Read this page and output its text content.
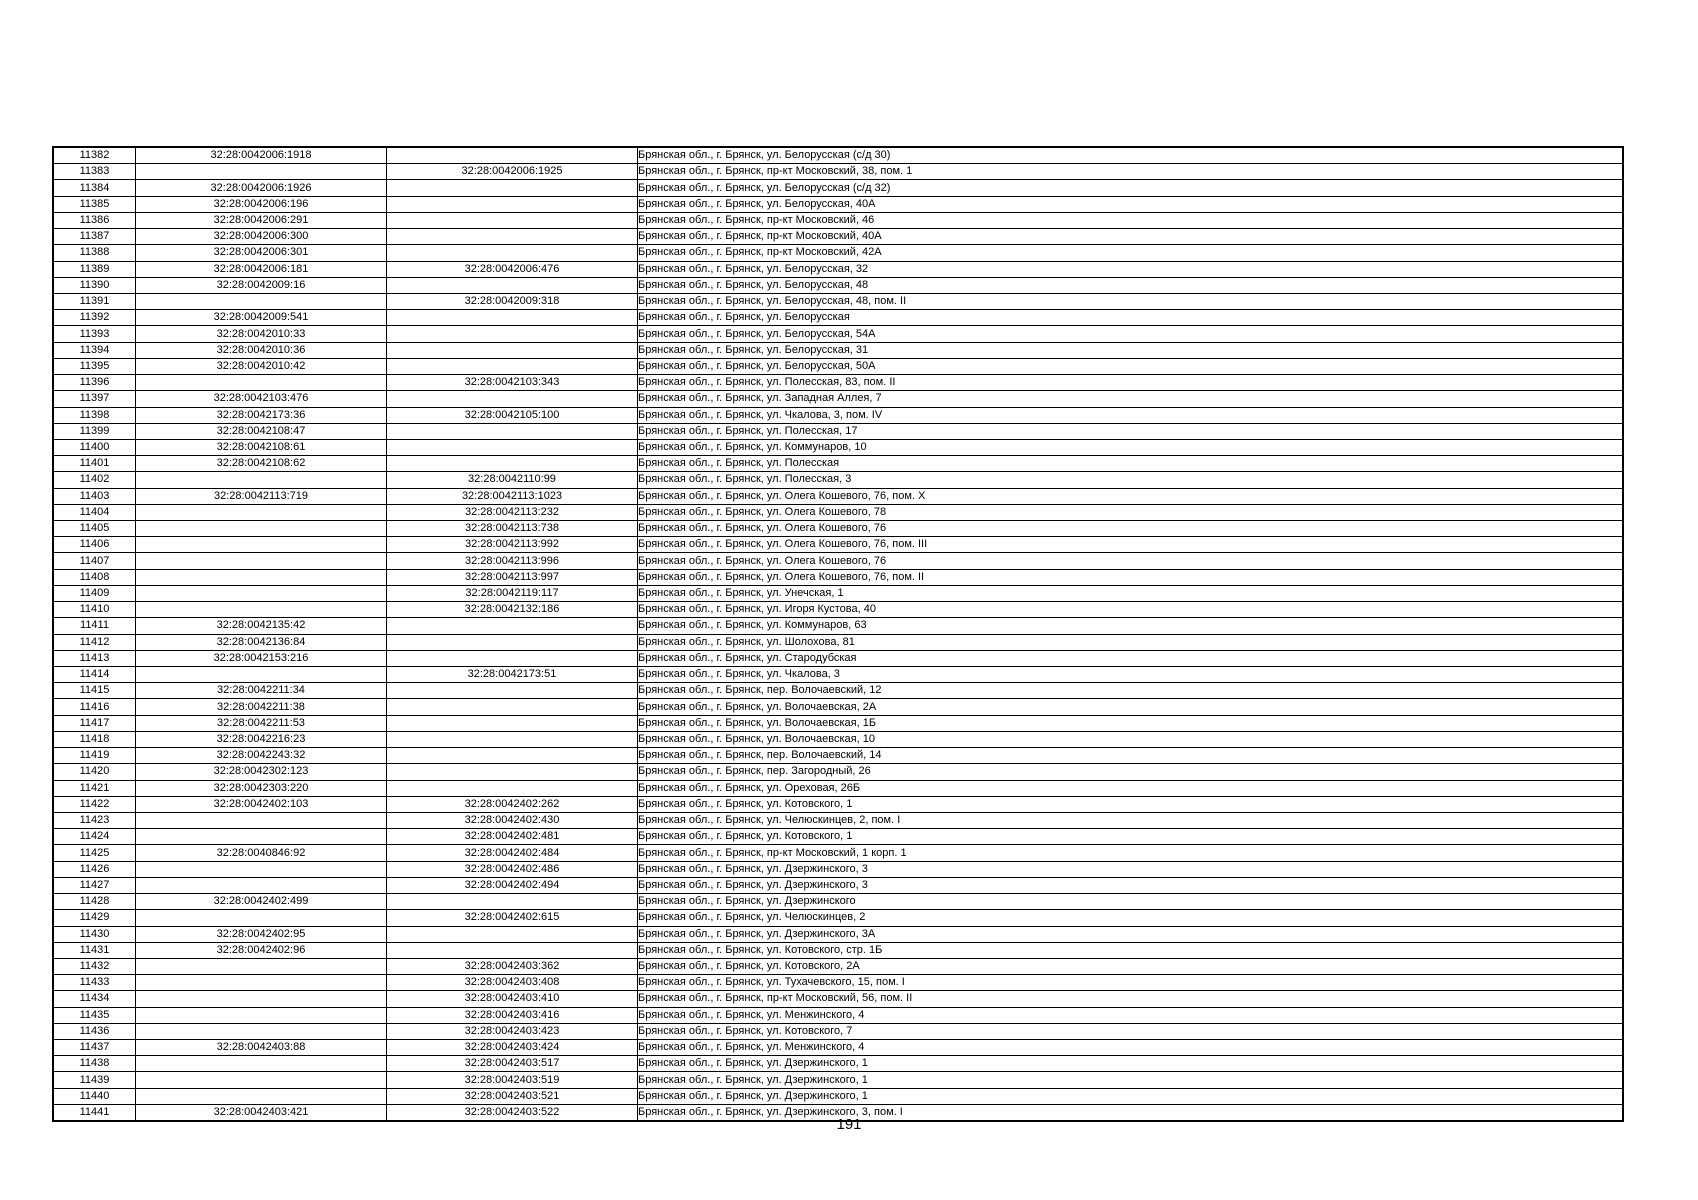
11382	32:28:0042006:1918		Брянская обл., г. Брянск, ул. Белорусская (с/д 30)
11383		32:28:0042006:1925	Брянская обл., г. Брянск, пр-кт Московский, 38, пом. 1
11384	32:28:0042006:1926		Брянская обл., г. Брянск, ул. Белорусская (с/д 32)
11385	32:28:0042006:196		Брянская обл., г. Брянск, ул. Белорусская, 40А
11386	32:28:0042006:291		Брянская обл., г. Брянск, пр-кт Московский, 46
11387	32:28:0042006:300		Брянская обл., г. Брянск, пр-кт Московский, 40А
11388	32:28:0042006:301		Брянская обл., г. Брянск, пр-кт Московский, 42А
11389	32:28:0042006:181	32:28:0042006:476	Брянская обл., г. Брянск, ул. Белорусская, 32
11390	32:28:0042009:16		Брянская обл., г. Брянск, ул. Белорусская, 48
11391		32:28:0042009:318	Брянская обл., г. Брянск, ул. Белорусская, 48, пом. II
11392	32:28:0042009:541		Брянская обл., г. Брянск, ул. Белорусская
11393	32:28:0042010:33		Брянская обл., г. Брянск, ул. Белорусская, 54А
11394	32:28:0042010:36		Брянская обл., г. Брянск, ул. Белорусская, 31
11395	32:28:0042010:42		Брянская обл., г. Брянск, ул. Белорусская, 50А
11396		32:28:0042103:343	Брянская обл., г. Брянск, ул. Полесская, 83, пом. II
11397	32:28:0042103:476		Брянская обл., г. Брянск, ул. Западная Аллея, 7
11398	32:28:0042173:36	32:28:0042105:100	Брянская обл., г. Брянск, ул. Чкалова, 3, пом. IV
11399	32:28:0042108:47		Брянская обл., г. Брянск, ул. Полесская, 17
11400	32:28:0042108:61		Брянская обл., г. Брянск, ул. Коммунаров, 10
11401	32:28:0042108:62		Брянская обл., г. Брянск, ул. Полесская
11402		32:28:0042110:99	Брянская обл., г. Брянск, ул. Полесская, 3
11403	32:28:0042113:719	32:28:0042113:1023	Брянская обл., г. Брянск, ул. Олега Кошевого, 76, пом. X
11404		32:28:0042113:232	Брянская обл., г. Брянск, ул. Олега Кошевого, 78
11405		32:28:0042113:738	Брянская обл., г. Брянск, ул. Олега Кошевого, 76
11406		32:28:0042113:992	Брянская обл., г. Брянск, ул. Олега Кошевого, 76, пом. III
11407		32:28:0042113:996	Брянская обл., г. Брянск, ул. Олега Кошевого, 76
11408		32:28:0042113:997	Брянская обл., г. Брянск, ул. Олега Кошевого, 76, пом. II
11409		32:28:0042119:117	Брянская обл., г. Брянск, ул. Унечская, 1
11410		32:28:0042132:186	Брянская обл., г. Брянск, ул. Игоря Кустова, 40
11411	32:28:0042135:42		Брянская обл., г. Брянск, ул. Коммунаров, 63
11412	32:28:0042136:84		Брянская обл., г. Брянск, ул. Шолохова, 81
11413	32:28:0042153:216		Брянская обл., г. Брянск, ул. Стародубская
11414		32:28:0042173:51	Брянская обл., г. Брянск, ул. Чкалова, 3
11415	32:28:0042211:34		Брянская обл., г. Брянск, пер. Волочаевский, 12
11416	32:28:0042211:38		Брянская обл., г. Брянск, ул. Волочаевская, 2А
11417	32:28:0042211:53		Брянская обл., г. Брянск, ул. Волочаевская, 1Б
11418	32:28:0042216:23		Брянская обл., г. Брянск, ул. Волочаевская, 10
11419	32:28:0042243:32		Брянская обл., г. Брянск, пер. Волочаевский, 14
11420	32:28:0042302:123		Брянская обл., г. Брянск, пер. Загородный, 26
11421	32:28:0042303:220		Брянская обл., г. Брянск, ул. Ореховая, 26Б
11422	32:28:0042402:103	32:28:0042402:262	Брянская обл., г. Брянск, ул. Котовского, 1
11423		32:28:0042402:430	Брянская обл., г. Брянск, ул. Челюскинцев, 2, пом. I
11424		32:28:0042402:481	Брянская обл., г. Брянск, ул. Котовского, 1
11425	32:28:0040846:92	32:28:0042402:484	Брянская обл., г. Брянск, пр-кт Московский, 1 корп. 1
11426		32:28:0042402:486	Брянская обл., г. Брянск, ул. Дзержинского, 3
11427		32:28:0042402:494	Брянская обл., г. Брянск, ул. Дзержинского, 3
11428	32:28:0042402:499		Брянская обл., г. Брянск, ул. Дзержинского
11429		32:28:0042402:615	Брянская обл., г. Брянск, ул. Челюскинцев, 2
11430	32:28:0042402:95		Брянская обл., г. Брянск, ул. Дзержинского, 3А
11431	32:28:0042402:96		Брянская обл., г. Брянск, ул. Котовского, стр. 1Б
11432		32:28:0042403:362	Брянская обл., г. Брянск, ул. Котовского, 2А
11433		32:28:0042403:408	Брянская обл., г. Брянск, ул. Тухачевского, 15, пом. I
11434		32:28:0042403:410	Брянская обл., г. Брянск, пр-кт Московский, 56, пом. II
11435		32:28:0042403:416	Брянская обл., г. Брянск, ул. Менжинского, 4
11436		32:28:0042403:423	Брянская обл., г. Брянск, ул. Котовского, 7
11437	32:28:0042403:88	32:28:0042403:424	Брянская обл., г. Брянск, ул. Менжинского, 4
11438		32:28:0042403:517	Брянская обл., г. Брянск, ул. Дзержинского, 1
11439		32:28:0042403:519	Брянская обл., г. Брянск, ул. Дзержинского, 1
11440		32:28:0042403:521	Брянская обл., г. Брянск, ул. Дзержинского, 1
11441	32:28:0042403:421	32:28:0042403:522	Брянская обл., г. Брянск, ул. Дзержинского, 3, пом. I
191
